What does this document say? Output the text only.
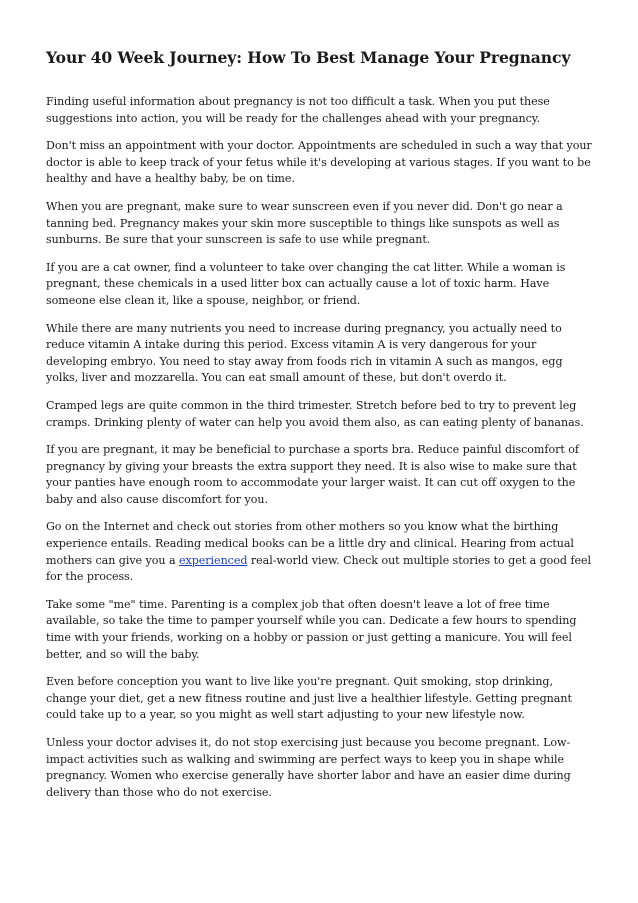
Your 40 Week Journey: How To Best Manage Your Pregnancy

Finding useful information about pregnancy is not too difficult a task. When you put these suggestions into action, you will be ready for the challenges ahead with your pregnancy.

Don't miss an appointment with your doctor. Appointments are scheduled in such a way that your doctor is able to keep track of your fetus while it's developing at various stages. If you want to be healthy and have a healthy baby, be on time.

When you are pregnant, make sure to wear sunscreen even if you never did. Don't go near a tanning bed. Pregnancy makes your skin more susceptible to things like sunspots as well as sunburns. Be sure that your sunscreen is safe to use while pregnant.

If you are a cat owner, find a volunteer to take over changing the cat litter. While a woman is pregnant, these chemicals in a used litter box can actually cause a lot of toxic harm. Have someone else clean it, like a spouse, neighbor, or friend.

While there are many nutrients you need to increase during pregnancy, you actually need to reduce vitamin A intake during this period. Excess vitamin A is very dangerous for your developing embryo. You need to stay away from foods rich in vitamin A such as mangos, egg yolks, liver and mozzarella. You can eat small amount of these, but don't overdo it.

Cramped legs are quite common in the third trimester. Stretch before bed to try to prevent leg cramps. Drinking plenty of water can help you avoid them also, as can eating plenty of bananas.

If you are pregnant, it may be beneficial to purchase a sports bra. Reduce painful discomfort of pregnancy by giving your breasts the extra support they need. It is also wise to make sure that your panties have enough room to accommodate your larger waist. It can cut off oxygen to the baby and also cause discomfort for you.

Go on the Internet and check out stories from other mothers so you know what the birthing experience entails. Reading medical books can be a little dry and clinical. Hearing from actual mothers can give you a experienced real-world view. Check out multiple stories to get a good feel for the process.

Take some "me" time. Parenting is a complex job that often doesn't leave a lot of free time available, so take the time to pamper yourself while you can. Dedicate a few hours to spending time with your friends, working on a hobby or passion or just getting a manicure. You will feel better, and so will the baby.

Even before conception you want to live like you're pregnant. Quit smoking, stop drinking, change your diet, get a new fitness routine and just live a healthier lifestyle. Getting pregnant could take up to a year, so you might as well start adjusting to your new lifestyle now.

Unless your doctor advises it, do not stop exercising just because you become pregnant. Low-impact activities such as walking and swimming are perfect ways to keep you in shape while pregnancy. Women who exercise generally have shorter labor and have an easier dime during delivery than those who do not exercise.
